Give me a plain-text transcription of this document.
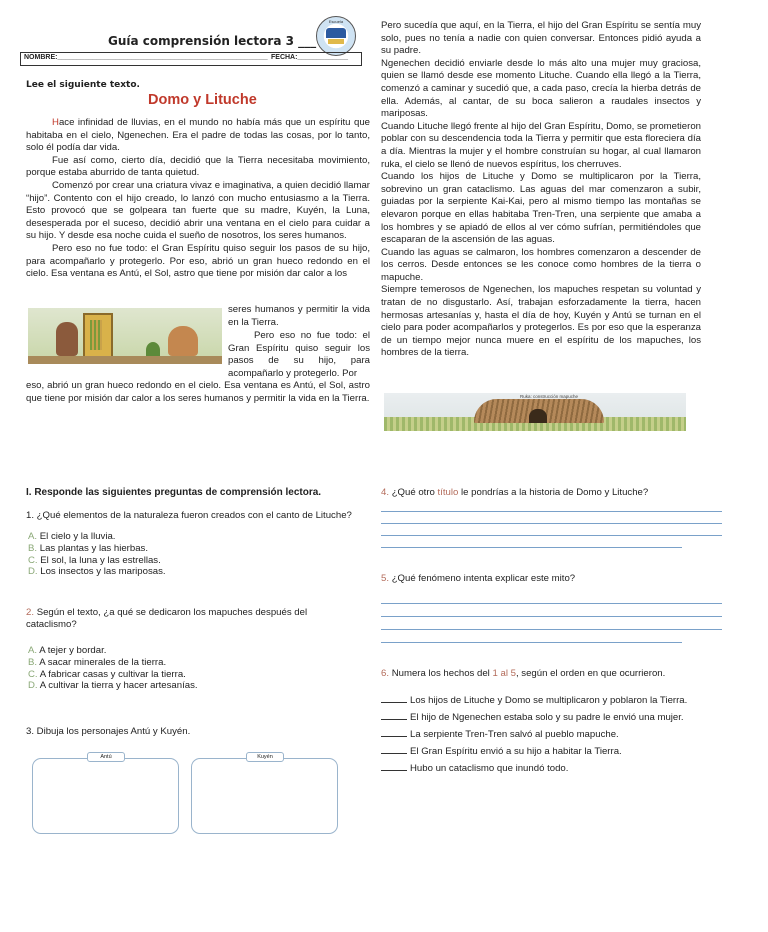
Guía comprensión lectora 3 ___
Escuela
NOMBRE:______________________________________________________ FECHA:_____________
Lee el siguiente texto.
Domo y Lituche

Hace infinidad de lluvias, en el mundo no había más que un espíritu que habitaba en el cielo, Ngenechen. Era el padre de todas las cosas, por lo tanto, solo él podía dar vida.

Fue así como, cierto día, decidió que la Tierra necesitaba movimiento, porque estaba aburrido de tanta quietud.

Comenzó por crear una criatura vivaz e imaginativa, a quien decidió llamar “hijo”. Contento con el hijo creado, lo lanzó con mucho entusiasmo a la Tierra. Esto provocó que se golpeara tan fuerte que su madre, Kuyén, la Luna, desesperada por el suceso, decidió abrir una ventana en el cielo para cuidar a su hijo. Y desde esa noche cuida el sueño de nosotros, los seres humanos.

Pero eso no fue todo: el Gran Espíritu quiso seguir los pasos de su hijo, para acompañarlo y protegerlo. Por eso, abrió un gran hueco redondo en el cielo. Esa ventana es Antú, el Sol, astro que tiene por misión dar calor a los

seres humanos y permitir la vida en la Tierra.
Pero eso no fue todo: el Gran Espíritu quiso seguir los pasos de su hijo, para acompañarlo y protegerlo. Por
eso, abrió un gran hueco redondo en el cielo. Esa ventana es Antú, el Sol, astro que tiene por misión dar calor a los seres humanos y permitir la vida en la Tierra.

Pero sucedía que aquí, en la Tierra, el hijo del Gran Espíritu se sentía muy solo, pues no tenía a nadie con quien conversar. Entonces pidió ayuda a su padre.

Ngenechen decidió enviarle desde lo más alto una mujer muy graciosa, quien se llamó desde ese momento Lituche. Cuando ella llegó a la Tierra, comenzó a caminar y sucedió que, a cada paso, crecía la hierba detrás de ella. Además, al cantar, de su boca salieron a raudales insectos y mariposas.

Cuando Lituche llegó frente al hijo del Gran Espíritu, Domo, se prometieron poblar con su descendencia toda la Tierra y permitir que esta floreciera día a día. Mientras la mujer y el hombre construían su hogar, al cual llamaron ruka, el cielo se llenó de nuevos espíritus, los cherruves.

Cuando los hijos de Lituche y Domo se multiplicaron por la Tierra, sobrevino un gran cataclismo. Las aguas del mar comenzaron a subir, guiadas por la serpiente Kai-Kai, pero al mismo tiempo las montañas se elevaron porque en ellas habitaba Tren-Tren, una serpiente que amaba a los hombres y se apiadó de ellos al ver cómo sufrían, permitiéndoles que escaparan de la ascensión de las aguas.

Cuando las aguas se calmaron, los hombres comenzaron a descender de los cerros. Desde entonces se les conoce como hombres de la tierra o mapuche.

Siempre temerosos de Ngenechen, los mapuches respetan su voluntad y tratan de no disgustarlo. Así, trabajan esforzadamente la tierra, hacen hermosas artesanías y, hasta el día de hoy, Kuyén y Antú se turnan en el cielo para poder acompañarlos y protegerlos. Es por eso que la esperanza de un tiempo mejor nunca muere en el espíritu de los mapuches, los hombres de la tierra.

Ruka: construcción mapuche
I. Responde las siguientes preguntas de comprensión lectora.
1. ¿Qué elementos de la naturaleza fueron creados con el canto de Lituche?
A. El cielo y la lluvia.
B. Las plantas y las hierbas.
C. El sol, la luna y las estrellas.
D. Los insectos y las mariposas.
2. Según el texto, ¿a qué se dedicaron los mapuches después del cataclismo?
A. A tejer y bordar.
B. A sacar minerales de la tierra.
C. A fabricar casas y cultivar la tierra.
D. A cultivar la tierra y hacer artesanías.
3. Dibuja los personajes Antú y Kuyén.
Antú	Kuyén
4. ¿Qué otro título le pondrías a la historia de Domo y Lituche?
5. ¿Qué fenómeno intenta explicar este mito?
6. Numera los hechos del 1 al 5, según el orden en que ocurrieron.
Los hijos de Lituche y Domo se multiplicaron y poblaron la Tierra.
El hijo de Ngenechen estaba solo y su padre le envió una mujer.
La serpiente Tren-Tren salvó al pueblo mapuche.
El Gran Espíritu envió a su hijo a habitar la Tierra.
Hubo un cataclismo que inundó todo.
